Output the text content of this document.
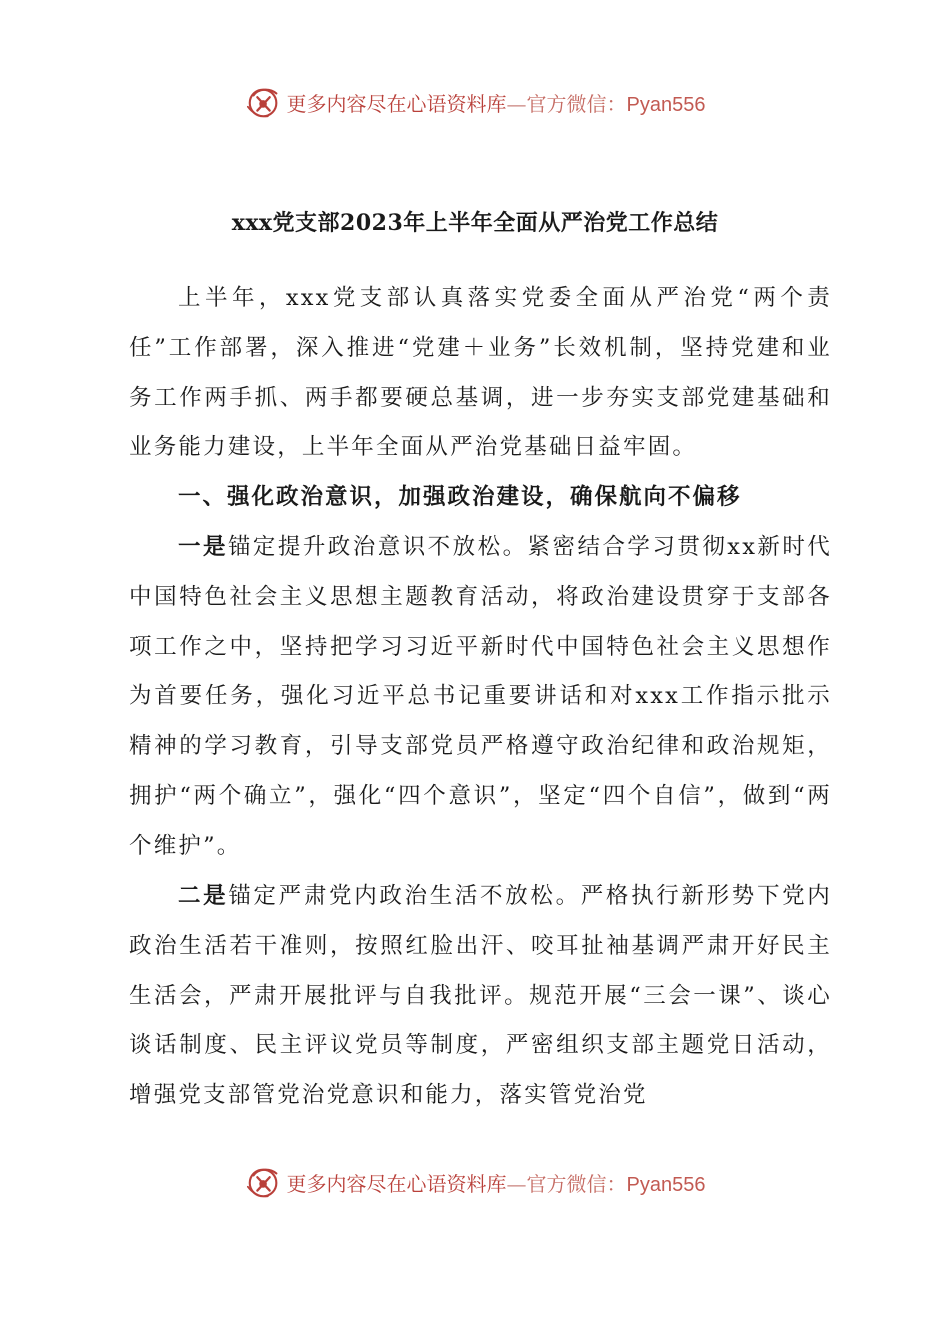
更多内容尽在心语资料库—官方微信：Pyan556
xxx党支部2023年上半年全面从严治党工作总结

上半年，xxx党支部认真落实党委全面从严治党“两个责任”工作部署，深入推进“党建＋业务”长效机制，坚持党建和业务工作两手抓、两手都要硬总基调，进一步夯实支部党建基础和业务能力建设，上半年全面从严治党基础日益牢固。

一、强化政治意识，加强政治建设，确保航向不偏移

一是锚定提升政治意识不放松。紧密结合学习贯彻xx新时代中国特色社会主义思想主题教育活动，将政治建设贯穿于支部各项工作之中，坚持把学习习近平新时代中国特色社会主义思想作为首要任务，强化习近平总书记重要讲话和对xxx工作指示批示精神的学习教育，引导支部党员严格遵守政治纪律和政治规矩，拥护“两个确立”，强化“四个意识”，坚定“四个自信”，做到“两个维护”。

二是锚定严肃党内政治生活不放松。严格执行新形势下党内政治生活若干准则，按照红脸出汗、咬耳扯袖基调严肃开好民主生活会，严肃开展批评与自我批评。规范开展“三会一课”、谈心谈话制度、民主评议党员等制度，严密组织支部主题党日活动，增强党支部管党治党意识和能力，落实管党治党

更多内容尽在心语资料库—官方微信：Pyan556
